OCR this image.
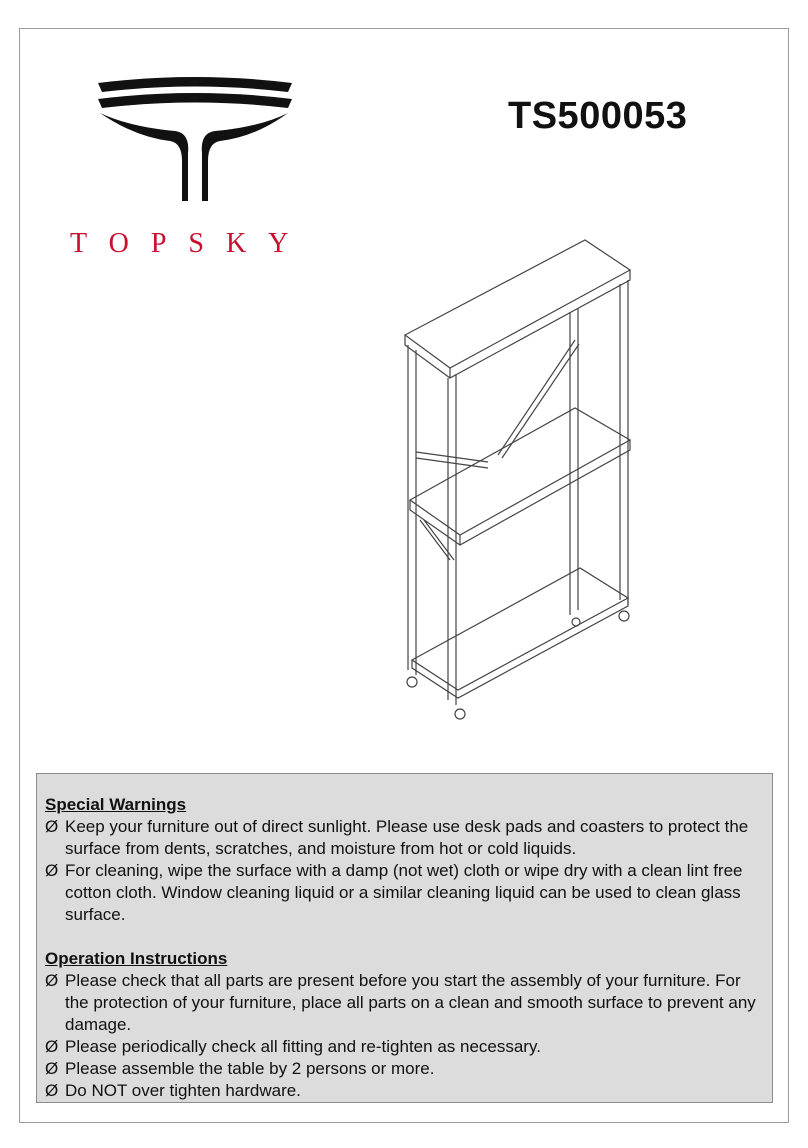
TOPSKY
TS500053

Special Warnings

Ø Keep your furniture out of direct sunlight. Please use desk pads and coasters to protect the surface from dents, scratches, and moisture from hot or cold liquids.
Ø For cleaning, wipe the surface with a damp (not wet) cloth or wipe dry with a clean lint free cotton cloth. Window cleaning liquid or a similar cleaning liquid can be used to clean glass surface.

Operation Instructions

Ø Please check that all parts are present before you start the assembly of your furniture. For the protection of your furniture, place all parts on a clean and smooth surface to prevent any damage.
Ø Please periodically check all fitting and re-tighten as necessary.
Ø Please assemble the table by 2 persons or more.
Ø Do NOT over tighten hardware.
